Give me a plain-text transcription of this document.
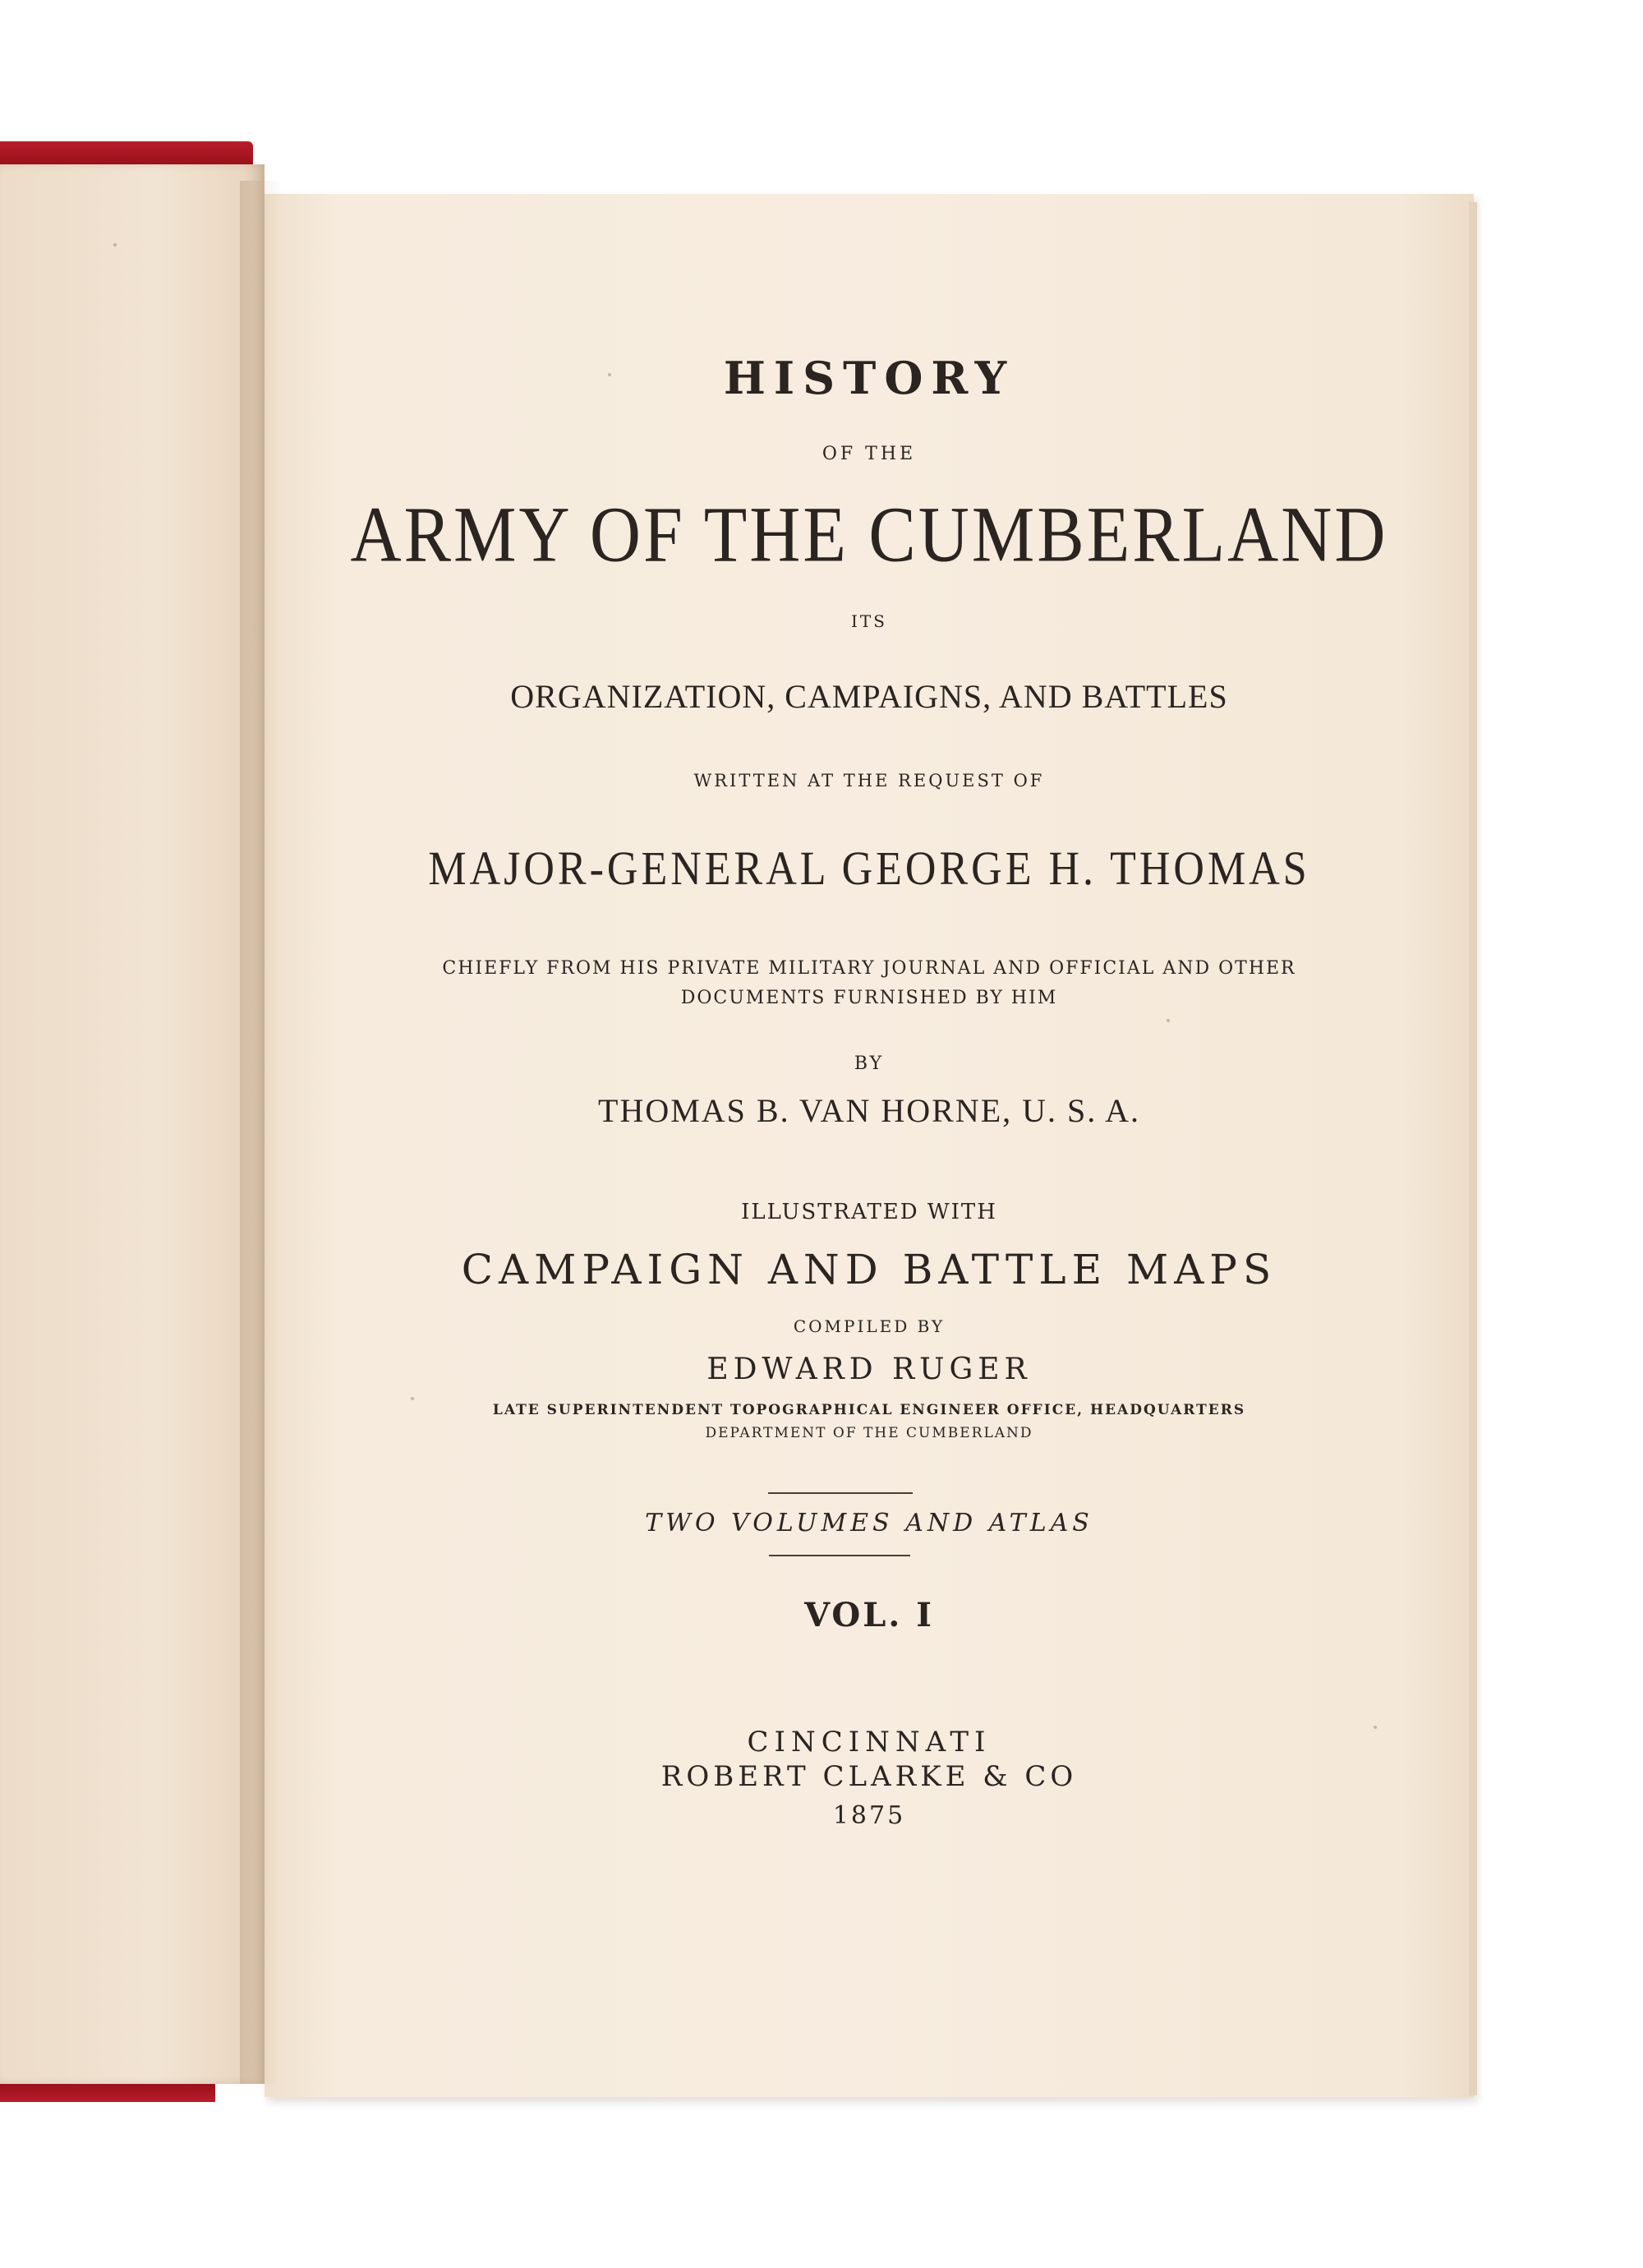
HISTORY

OF THE

ARMY OF THE CUMBERLAND

ITS

ORGANIZATION, CAMPAIGNS, AND BATTLES

WRITTEN AT THE REQUEST OF

MAJOR-GENERAL GEORGE H. THOMAS

CHIEFLY FROM HIS PRIVATE MILITARY JOURNAL AND OFFICIAL AND OTHER

DOCUMENTS FURNISHED BY HIM

BY

THOMAS B. VAN HORNE, U. S. A.

ILLUSTRATED WITH

CAMPAIGN AND BATTLE MAPS

COMPILED BY

EDWARD RUGER

LATE SUPERINTENDENT TOPOGRAPHICAL ENGINEER OFFICE, HEADQUARTERS

DEPARTMENT OF THE CUMBERLAND

TWO VOLUMES AND ATLAS

VOL. I

CINCINNATI

ROBERT CLARKE & CO

1875
